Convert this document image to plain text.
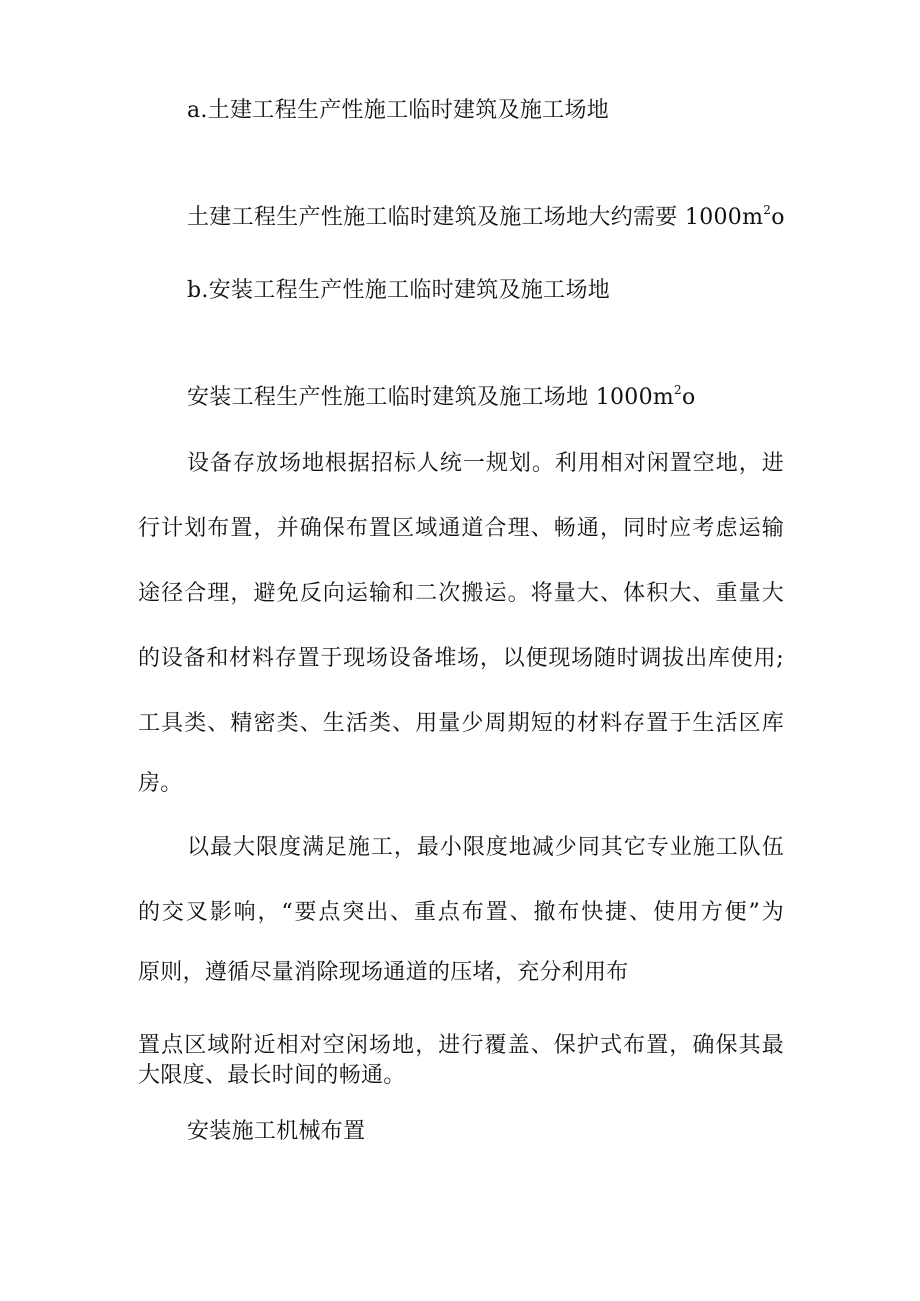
a.土建工程生产性施工临时建筑及施工场地
土建工程生产性施工临时建筑及施工场地大约需要 $1000m^2o$
b.安装工程生产性施工临时建筑及施工场地
安装工程生产性施工临时建筑及施工场地 $1000m^2o$
设备存放场地根据招标人统一规划。利用相对闲置空地，进
行计划布置，并确保布置区域通道合理、畅通，同时应考虑运输
途径合理，避免反向运输和二次搬运。将量大、体积大、重量大
的设备和材料存置于现场设备堆场，以便现场随时调拔出库使用;
工具类、精密类、生活类、用量少周期短的材料存置于生活区库
房。
以最大限度满足施工，最小限度地减少同其它专业施工队伍
的交叉影响，“要点突出、重点布置、撤布快捷、使用方便”为
原则，遵循尽量消除现场通道的压堵，充分利用布
置点区域附近相对空闲场地，进行覆盖、保护式布置，确保其最
大限度、最长时间的畅通。
安装施工机械布置
